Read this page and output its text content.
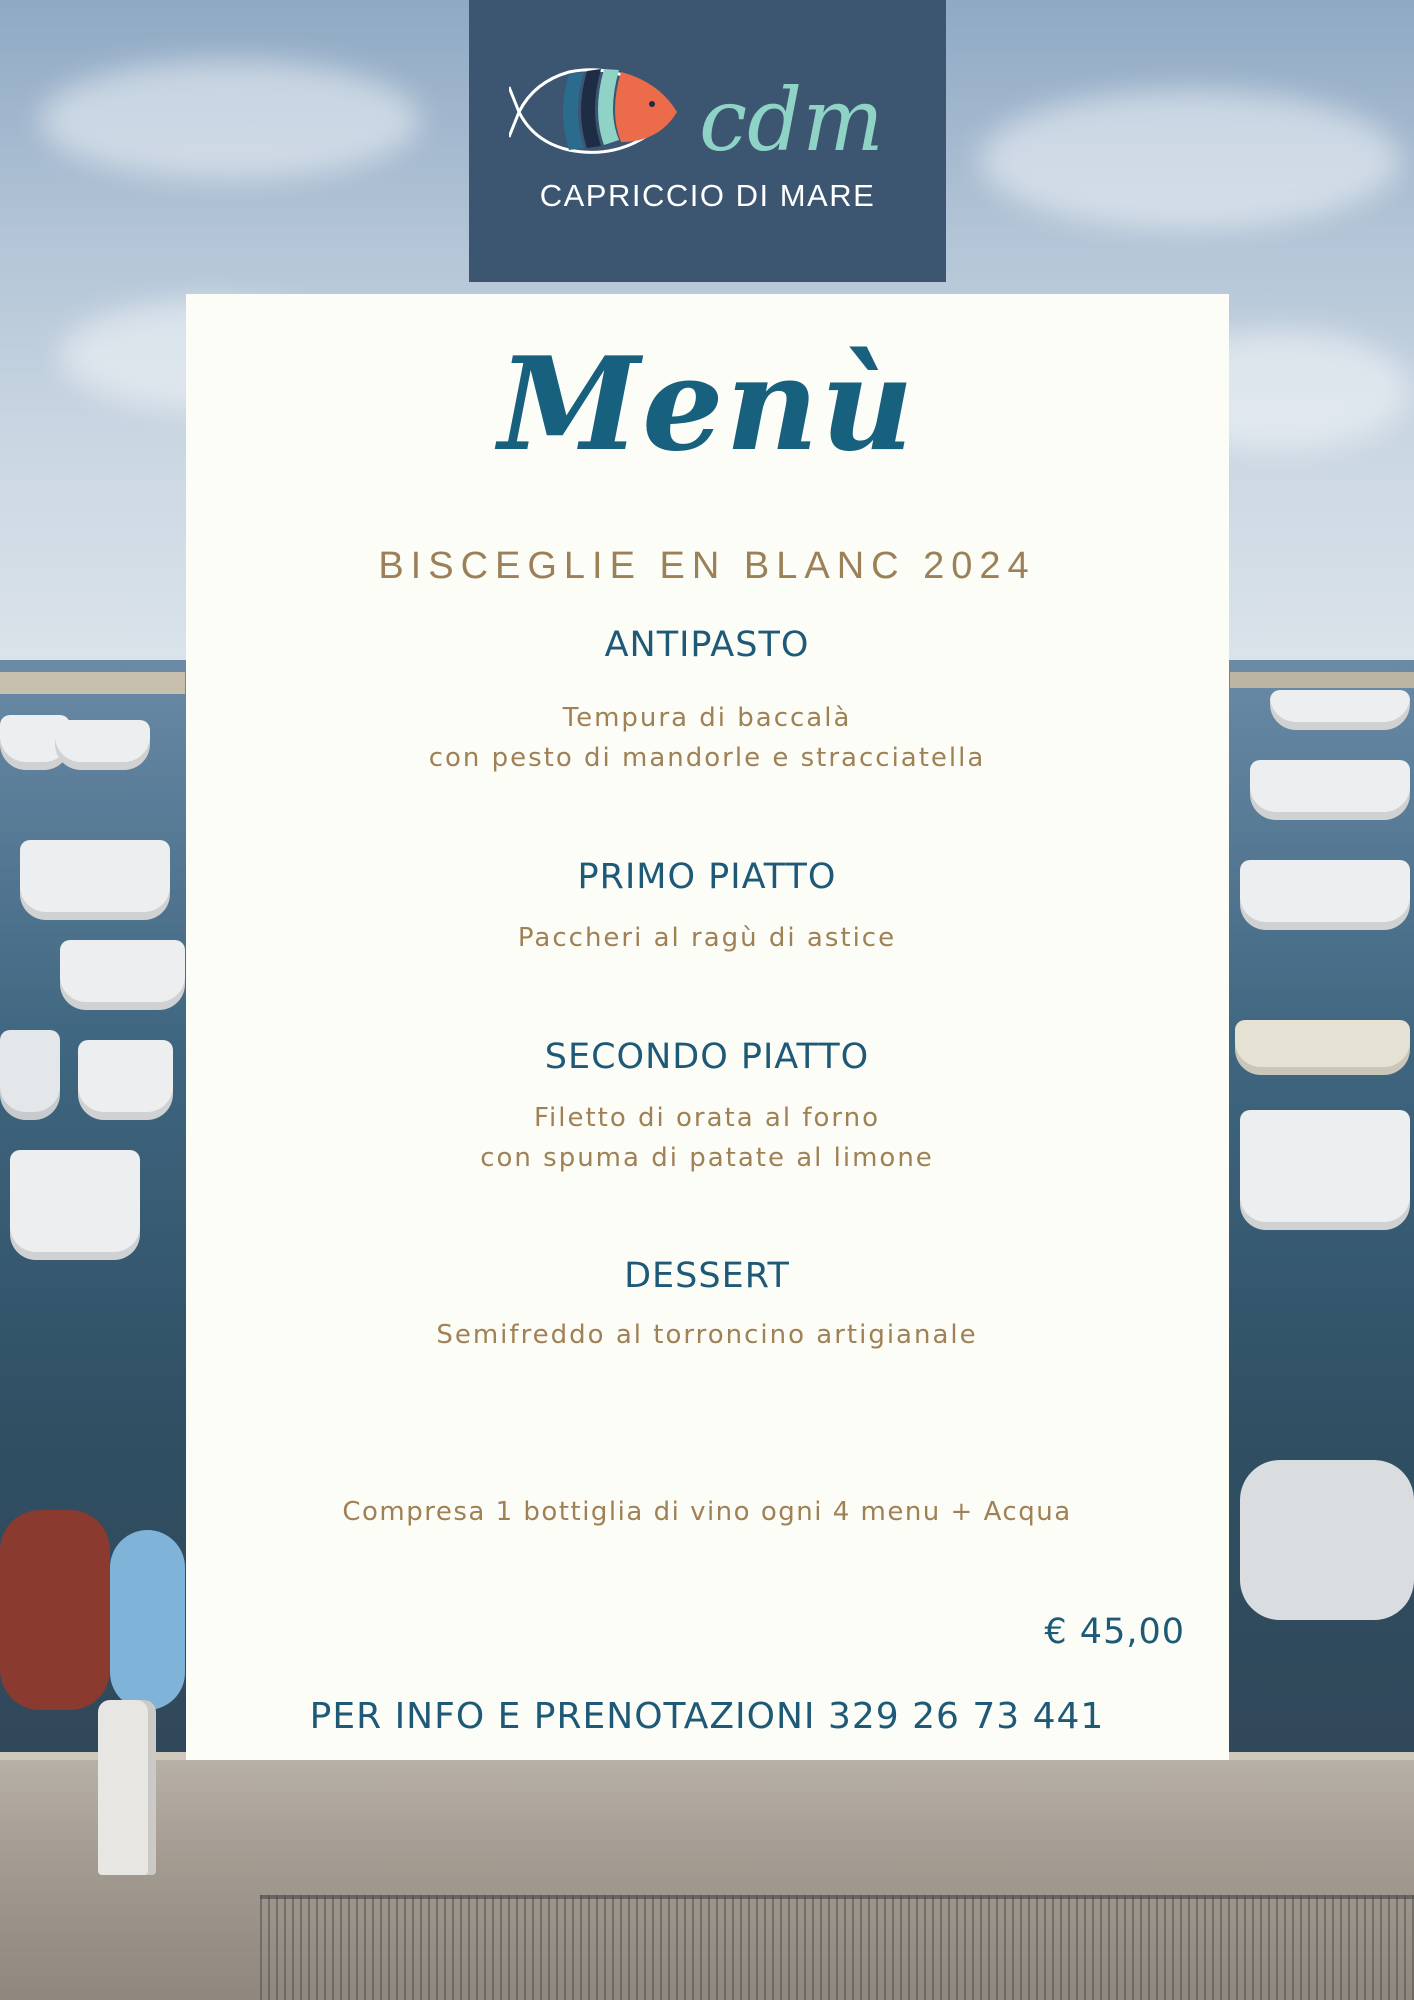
cdm
CAPRICCIO DI MARE
Menù
BISCEGLIE EN BLANC 2024
ANTIPASTO
Tempura di baccalà
con pesto di mandorle e stracciatella
PRIMO PIATTO
Paccheri al ragù di astice
SECONDO PIATTO
Filetto di orata al forno
con spuma di patate al limone
DESSERT
Semifreddo al torroncino artigianale
Compresa 1 bottiglia di vino ogni 4 menu + Acqua
€ 45,00
PER INFO E PRENOTAZIONI 329 26 73 441
